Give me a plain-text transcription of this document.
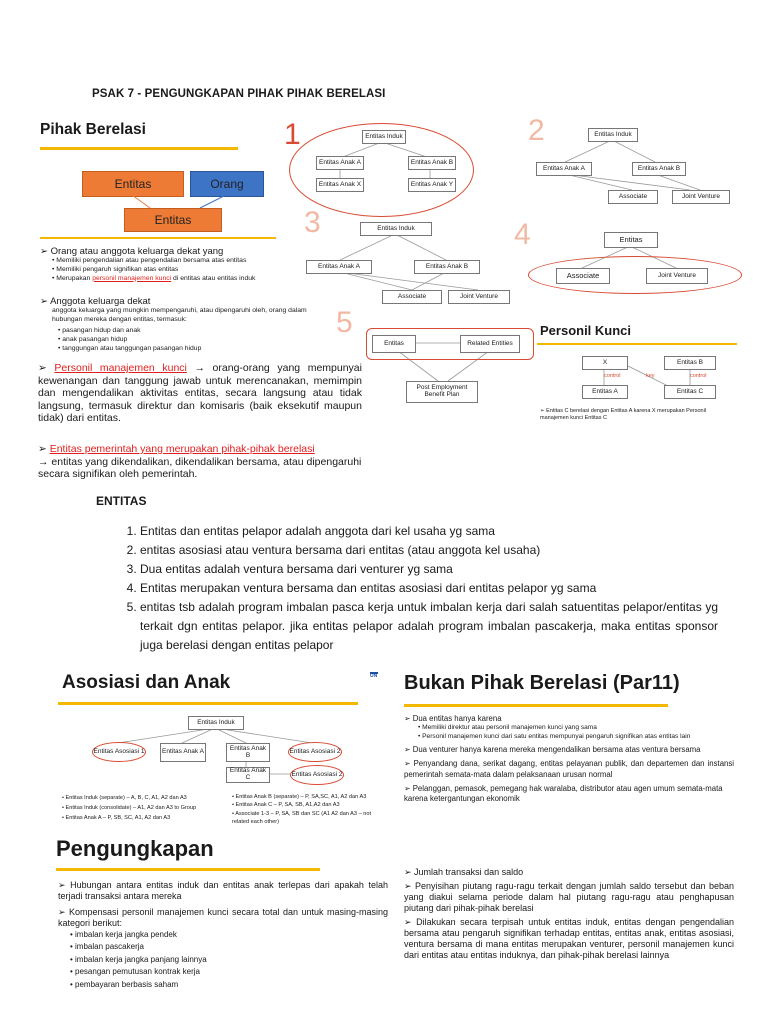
PSAK 7 - PENGUNGKAPAN PIHAK PIHAK BERELASI
Pihak Berelasi
Entitas	Orang
Entitas
➢ Orang atau anggota keluarga dekat yang
• Memiliki pengendalian atau pengendalian bersama atas entitas
• Memiliki pengaruh signifikan atas entitas
• Merupakan personil manajemen kunci di entitas atau entitas induk
➢ Anggota keluarga dekat
anggota keluarga yang mungkin mempengaruhi, atau dipengaruhi oleh, orang dalam hubungan mereka dengan entitas, termasuk:
• pasangan hidup dan anak
• anak pasangan hidup
• tanggungan atau tanggungan pasangan hidup
➢ Personil manajemen kunci → orang-orang yang mempunyai kewenangan dan tanggung jawab untuk merencanakan, memimpin dan mengendalikan aktivitas entitas, secara langsung atau tidak langsung, termasuk direktur dan komisaris (baik eksekutif maupun tidak) dari entitas.
➢ Entitas pemerintah yang merupakan pihak-pihak berelasi
→ entitas yang dikendalikan, dikendalikan bersama, atau dipengaruhi secara signifikan oleh pemerintah.
1	Entitas Induk
Entitas Anak A	Entitas Anak B
Entitas Anak X	Entitas Anak Y
2	Entitas Induk
Entitas Anak A	Entitas Anak B
Associate	Joint Venture
3	Entitas Induk
Entitas Anak A	Entitas Anak B
Associate	Joint Venture
4	Entitas
Associate	Joint Venture
5
Entitas	Related Entities
Post Employment Benefit Plan
Personil Kunci
X	Entitas B
Entitas A	Entitas C
control	key	control
➢ Entitas C berelasi dengan Entitas A karena X merupakan Personil manajemen kunci Entitas C
ENTITAS
1. Entitas dan entitas pelapor adalah anggota dari kel usaha yg sama
2. entitas asosiasi atau ventura bersama dari entitas (atau anggota kel usaha)
3. Dua entitas adalah ventura bersama dari venturer yg sama
4. Entitas merupakan ventura bersama dan entitas asosiasi dari entitas pelapor yg sama
5. entitas tsb adalah program imbalan pasca kerja untuk imbalan kerja dari salah satuentitas pelapor/entitas yg terkait dgn entitas pelapor. jika entitas pelapor adalah program imbalan pascakerja, maka entitas sponsor juga berelasi dengan entitas pelapor
Asosiasi dan Anak
Entitas Induk
Entitas Asosiasi 1	Entitas Anak A	Entitas Anak B	Entitas Asosiasi 2
Entitas Anak C	Entitas Asosiasi 2
• Entitas Induk (separate) – A, B, C, A1, A2 dan A3
• Entitas Induk (consolidate) – A1, A2 dan A3 to Group
• Entitas Anak A – P, SB, SC, A1, A2 dan A3
• Entitas Anak B (separate) – P, SA,SC, A1, A2 dan A3
• Entitas Anak C – P, SA, SB, A1,A2 dan A3
• Associate 1-3 – P, SA, SB dan SC (A1 A2 dan A3 – not related each other)
UN Bukan Pihak Berelasi (Par11)
➢ Dua entitas hanya karena
• Memiliki direktur atau personil manajemen kunci yang sama
• Personil manajemen kunci dari satu entitas mempunyai pengaruh signifikan atas entitas lain
➢ Dua venturer hanya karena mereka mengendalikan bersama atas ventura bersama
➢ Penyandang dana, serikat dagang, entitas pelayanan publik, dan departemen dan instansi pemerintah semata-mata dalam pelaksanaan urusan normal
➢ Pelanggan, pemasok, pemegang hak waralaba, distributor atau agen umum semata-mata karena ketergantungan ekonomik
Pengungkapan
➢ Hubungan antara entitas induk dan entitas anak terlepas dari apakah telah terjadi transaksi antara mereka
➢ Kompensasi personil manajemen kunci secara total dan untuk masing-masing kategori berikut:
• imbalan kerja jangka pendek
• imbalan pascakerja
• imbalan kerja jangka panjang lainnya
• pesangan pemutusan kontrak kerja
• pembayaran berbasis saham
➢ Jumlah transaksi dan saldo
➢ Penyisihan piutang ragu-ragu terkait dengan jumlah saldo tersebut dan beban yang diakui selama periode dalam hal piutang ragu-ragu atau penghapusan piutang dari pihak-pihak berelasi
➢ Dilakukan secara terpisah untuk entitas induk, entitas dengan pengendalian bersama atau pengaruh signifikan terhadap entitas, entitas anak, entitas asosiasi, ventura bersama di mana entitas merupakan venturer, personil manajemen kunci dari entitas atau entitas induknya, dan pihak-pihak berelasi lainnya
